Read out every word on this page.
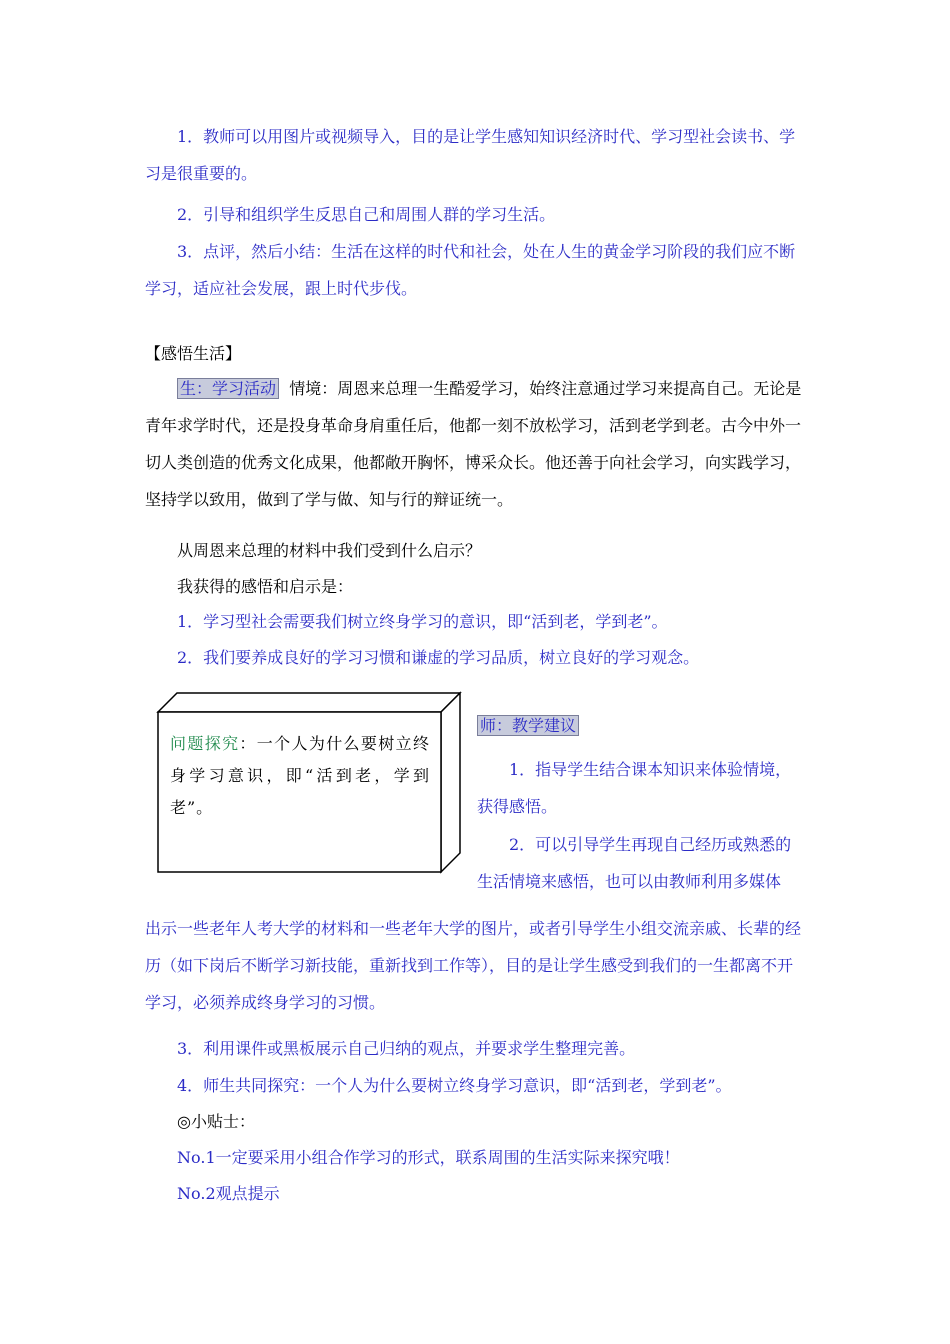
1．教师可以用图片或视频导入，目的是让学生感知知识经济时代、学习型社会读书、学习是很重要的。
2．引导和组织学生反思自己和周围人群的学习生活。
3．点评，然后小结：生活在这样的时代和社会，处在人生的黄金学习阶段的我们应不断学习，适应社会发展，跟上时代步伐。
【感悟生活】
生：学习活动 情境：周恩来总理一生酷爱学习，始终注意通过学习来提高自己。无论是青年求学时代，还是投身革命身肩重任后，他都一刻不放松学习，活到老学到老。古今中外一切人类创造的优秀文化成果，他都敞开胸怀，博采众长。他还善于向社会学习，向实践学习，坚持学以致用，做到了学与做、知与行的辩证统一。
从周恩来总理的材料中我们受到什么启示？
我获得的感悟和启示是：
1．学习型社会需要我们树立终身学习的意识，即“活到老，学到老”。
2．我们要养成良好的学习习惯和谦虚的学习品质，树立良好的学习观念。
问题探究：一个人为什么要树立终身学习意识，即“活到老，学到老”。
师：教学建议
1．指导学生结合课本知识来体验情境，获得感悟。
2．可以引导学生再现自己经历或熟悉的生活情境来感悟，也可以由教师利用多媒体
出示一些老年人考大学的材料和一些老年大学的图片，或者引导学生小组交流亲戚、长辈的经历（如下岗后不断学习新技能，重新找到工作等），目的是让学生感受到我们的一生都离不开学习，必须养成终身学习的习惯。
3．利用课件或黑板展示自己归纳的观点，并要求学生整理完善。
4．师生共同探究：一个人为什么要树立终身学习意识，即“活到老，学到老”。
◎小贴士：
No.1一定要采用小组合作学习的形式，联系周围的生活实际来探究哦！
No.2观点提示
